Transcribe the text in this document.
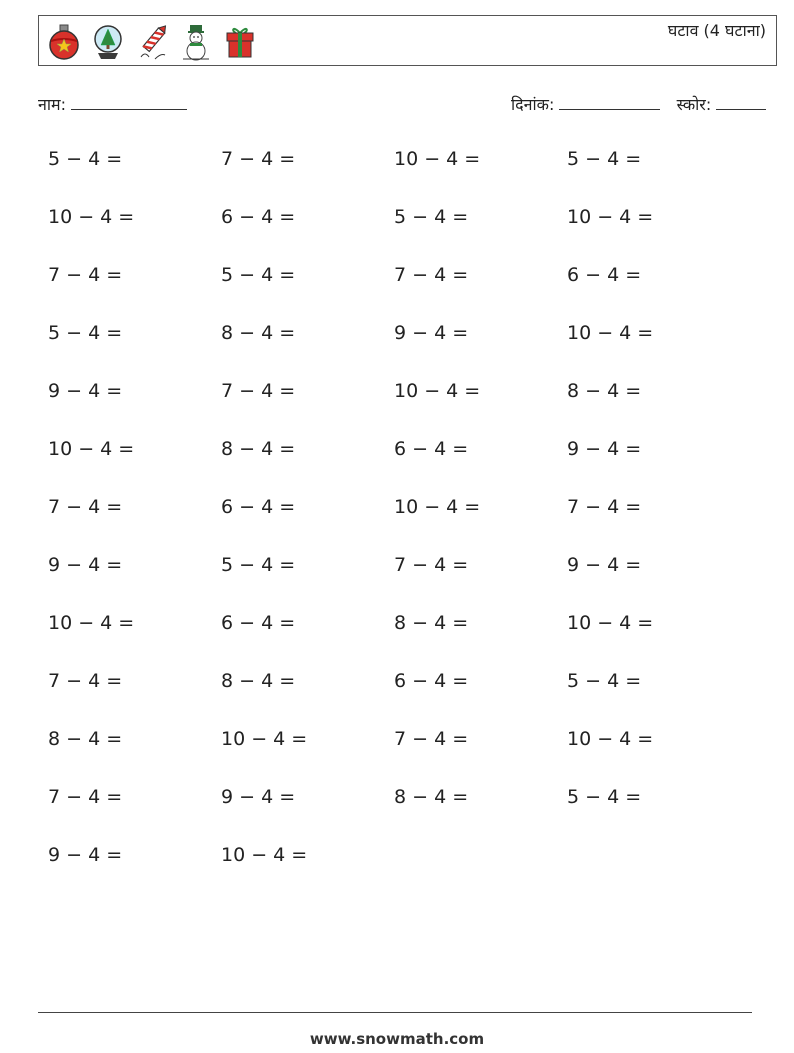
घटाव (4 घटाना)
नाम:	दिनांक:	स्कोर:
5 − 4 =	7 − 4 =	10 − 4 =	5 − 4 =
10 − 4 =	6 − 4 =	5 − 4 =	10 − 4 =
7 − 4 =	5 − 4 =	7 − 4 =	6 − 4 =
5 − 4 =	8 − 4 =	9 − 4 =	10 − 4 =
9 − 4 =	7 − 4 =	10 − 4 =	8 − 4 =
10 − 4 =	8 − 4 =	6 − 4 =	9 − 4 =
7 − 4 =	6 − 4 =	10 − 4 =	7 − 4 =
9 − 4 =	5 − 4 =	7 − 4 =	9 − 4 =
10 − 4 =	6 − 4 =	8 − 4 =	10 − 4 =
7 − 4 =	8 − 4 =	6 − 4 =	5 − 4 =
8 − 4 =	10 − 4 =	7 − 4 =	10 − 4 =
7 − 4 =	9 − 4 =	8 − 4 =	5 − 4 =
9 − 4 =	10 − 4 =
www.snowmath.com
